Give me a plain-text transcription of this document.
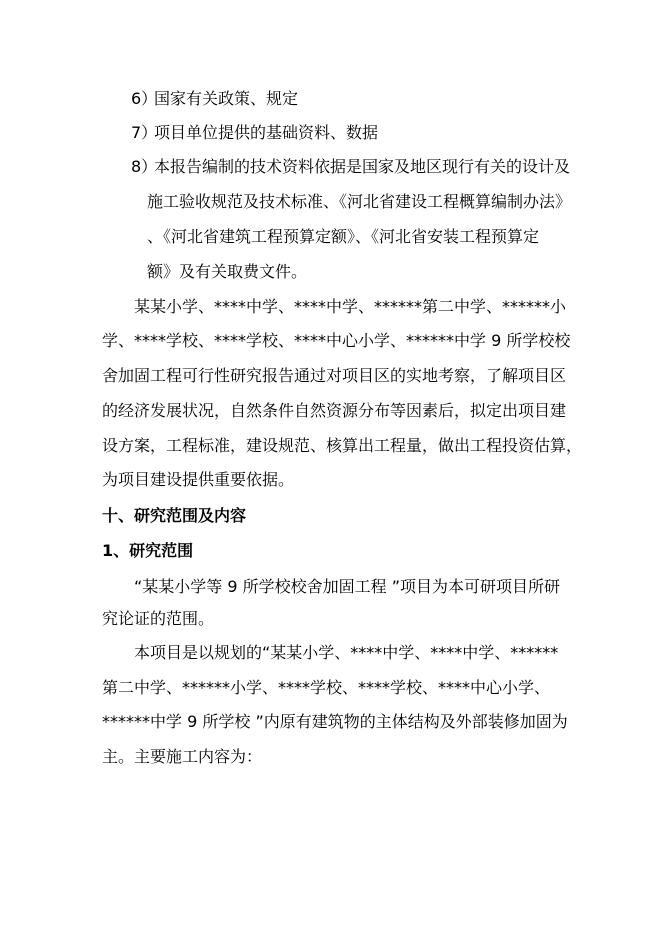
6）
国家有关政策、规定
7）
项目单位提供的基础资料、数据
8）
本报告编制的技术资料依据是国家及地区现行有关的设计及
施工验收规范及技术标准、《河北省建设工程概算编制办法》
、《河北省建筑工程预算定额》、《河北省安装工程预算定
额》及有关取费文件。
某某小学、****中学、****中学、******第二中学、******小
学、****学校、****学校、****中心小学、******中学 9 所学校校
舍加固工程可行性研究报告通过对项目区的实地考察，了解项目区
的经济发展状况，自然条件自然资源分布等因素后，拟定出项目建
设方案，工程标准，建设规范、核算出工程量，做出工程投资估算，
为项目建设提供重要依据。
十、研究范围及内容
1、研究范围
“某某小学等 9 所学校校舍加固工程 ”项目为本可研项目所研
究论证的范围。
本项目是以规划的“某某小学、****中学、****中学、******
第二中学、******小学、****学校、****学校、****中心小学、
******中学 9 所学校 ”内原有建筑物的主体结构及外部装修加固为
主。主要施工内容为：
